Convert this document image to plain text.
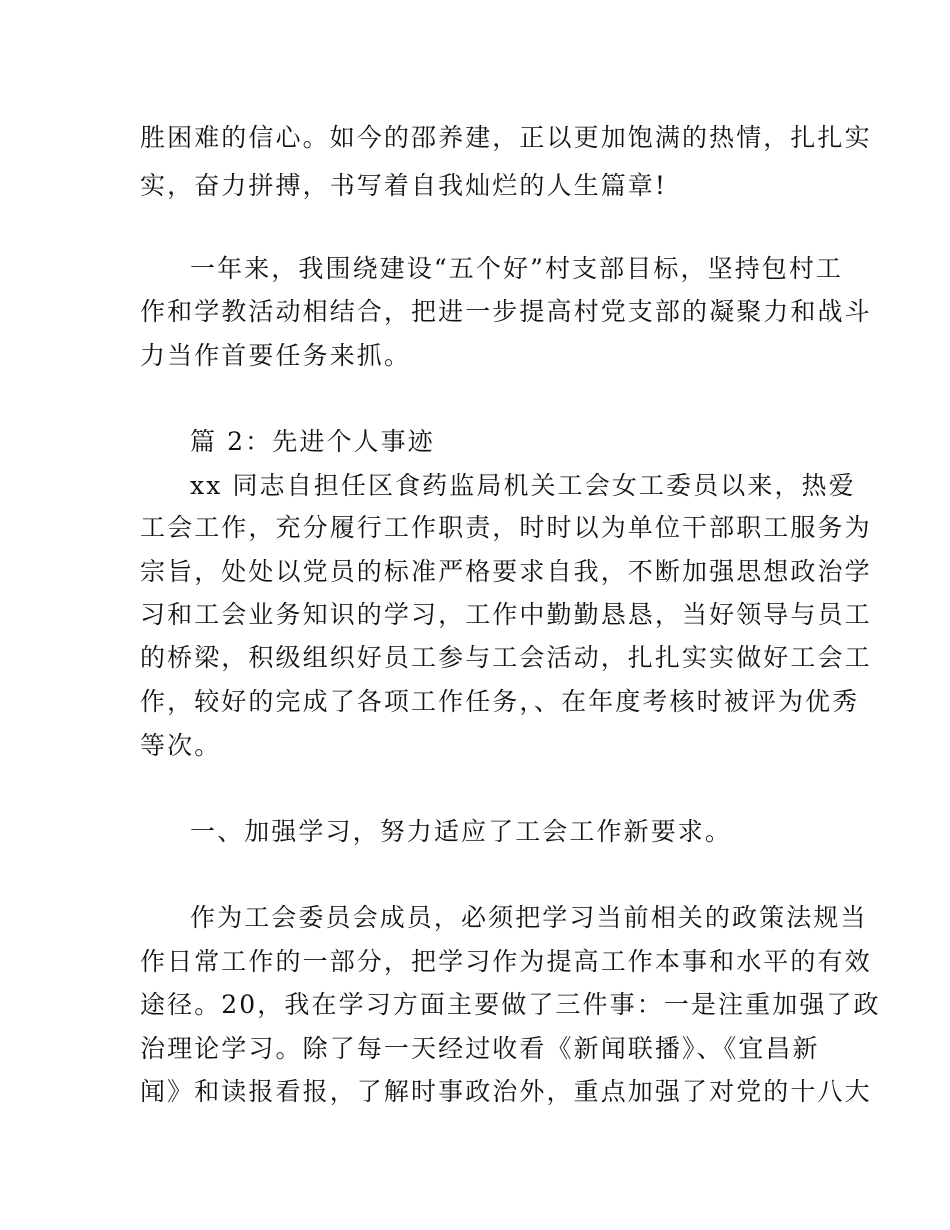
胜困难的信心。如今的邵养建，正以更加饱满的热情，扎扎实

实，奋力拼搏，书写着自我灿烂的人生篇章!

一年来，我围绕建设“五个好”村支部目标，坚持包村工

作和学教活动相结合，把进一步提高村党支部的凝聚力和战斗

力当作首要任务来抓。

篇 2：先进个人事迹

xx 同志自担任区食药监局机关工会女工委员以来，热爱

工会工作，充分履行工作职责，时时以为单位干部职工服务为

宗旨，处处以党员的标准严格要求自我，不断加强思想政治学

习和工会业务知识的学习，工作中勤勤恳恳，当好领导与员工

的桥梁，积级组织好员工参与工会活动，扎扎实实做好工会工

作，较好的完成了各项工作任务，、在年度考核时被评为优秀

等次。

一、加强学习，努力适应了工会工作新要求。

作为工会委员会成员，必须把学习当前相关的政策法规当

作日常工作的一部分，把学习作为提高工作本事和水平的有效

途径。20，我在学习方面主要做了三件事：一是注重加强了政

治理论学习。除了每一天经过收看《新闻联播》、《宜昌新

闻》和读报看报，了解时事政治外，重点加强了对党的十八大
